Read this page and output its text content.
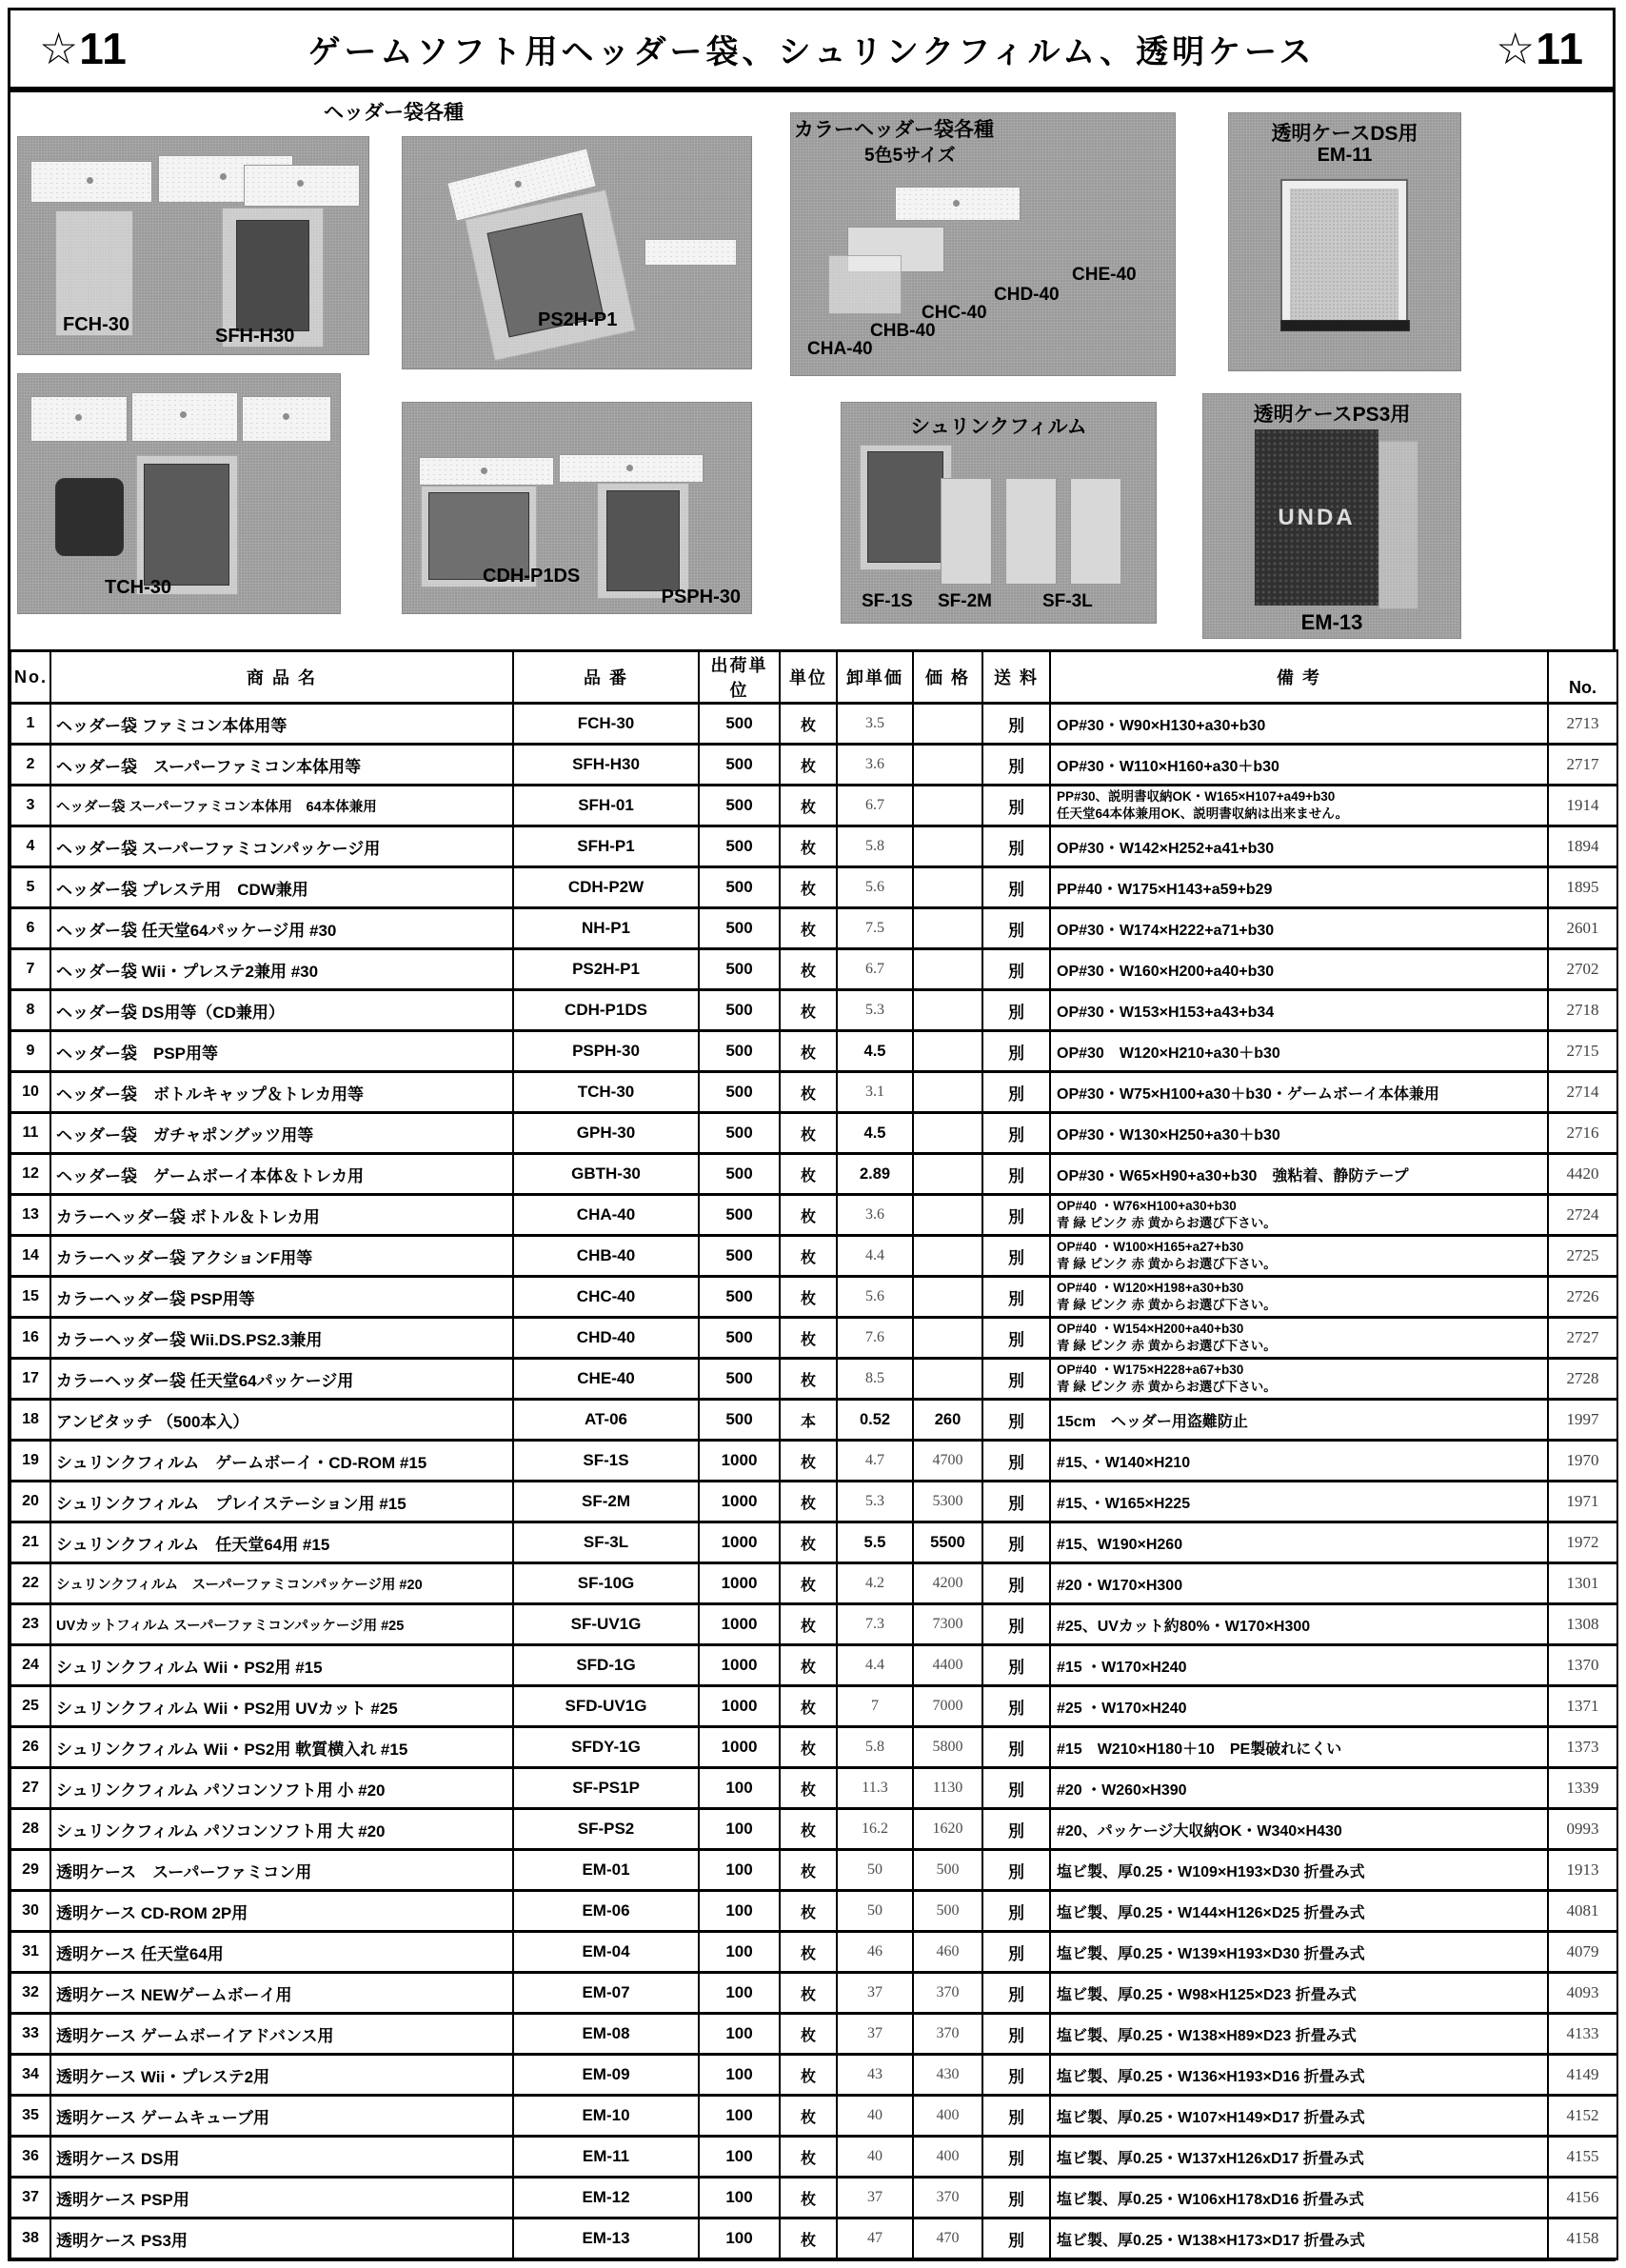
☆11	ゲームソフト用ヘッダー袋、シュリンクフィルム、透明ケース	☆11
ヘッダー袋各種
FCH-30
SFH-H30
PS2H-P1
TCH-30
CDH-P1DS
PSPH-30
カラーヘッダー袋各種
5色5サイズ
CHE-40
CHD-40
CHC-40
CHB-40
CHA-40
透明ケースDS用
EM-11
シュリンクフィルム
SF-1S SF-2M	SF-3L
透明ケースPS3用
UNDA
EM-13
No.	商 品 名	品 番	出荷単位	単位	卸単価	価 格	送 料	備 考	No.
1	ヘッダー袋 ファミコン本体用等	FCH-30	500	枚	3.5		別	OP#30・W90×H130+a30+b30	2713
2	ヘッダー袋　スーパーファミコン本体用等	SFH-H30	500	枚	3.6		別	OP#30・W110×H160+a30＋b30	2717
3	ヘッダー袋 スーパーファミコン本体用　64本体兼用	SFH-01	500	枚	6.7		別	PP#30、説明書収納OK・W165×H107+a49+b30
任天堂64本体兼用OK、説明書収納は出来ません。	1914
4	ヘッダー袋 スーパーファミコンパッケージ用	SFH-P1	500	枚	5.8		別	OP#30・W142×H252+a41+b30	1894
5	ヘッダー袋 プレステ用　CDW兼用	CDH-P2W	500	枚	5.6		別	PP#40・W175×H143+a59+b29	1895
6	ヘッダー袋 任天堂64パッケージ用 #30	NH-P1	500	枚	7.5		別	OP#30・W174×H222+a71+b30	2601
7	ヘッダー袋 Wii・プレステ2兼用 #30	PS2H-P1	500	枚	6.7		別	OP#30・W160×H200+a40+b30	2702
8	ヘッダー袋 DS用等（CD兼用）	CDH-P1DS	500	枚	5.3		別	OP#30・W153×H153+a43+b34	2718
9	ヘッダー袋　PSP用等	PSPH-30	500	枚	4.5		別	OP#30　W120×H210+a30＋b30	2715
10	ヘッダー袋　ボトルキャップ＆トレカ用等	TCH-30	500	枚	3.1		別	OP#30・W75×H100+a30＋b30・ゲームボーイ本体兼用	2714
11	ヘッダー袋　ガチャポングッツ用等	GPH-30	500	枚	4.5		別	OP#30・W130×H250+a30＋b30	2716
12	ヘッダー袋　ゲームボーイ本体＆トレカ用	GBTH-30	500	枚	2.89		別	OP#30・W65×H90+a30+b30　強粘着、静防テープ	4420
13	カラーヘッダー袋 ボトル＆トレカ用	CHA-40	500	枚	3.6		別	OP#40 ・W76×H100+a30+b30
青 緑 ピンク 赤 黄からお選び下さい。	2724
14	カラーヘッダー袋 アクションF用等	CHB-40	500	枚	4.4		別	OP#40 ・W100×H165+a27+b30
青 緑 ピンク 赤 黄からお選び下さい。	2725
15	カラーヘッダー袋 PSP用等	CHC-40	500	枚	5.6		別	OP#40 ・W120×H198+a30+b30
青 緑 ピンク 赤 黄からお選び下さい。	2726
16	カラーヘッダー袋 Wii.DS.PS2.3兼用	CHD-40	500	枚	7.6		別	OP#40 ・W154×H200+a40+b30
青 緑 ピンク 赤 黄からお選び下さい。	2727
17	カラーヘッダー袋 任天堂64パッケージ用	CHE-40	500	枚	8.5		別	OP#40 ・W175×H228+a67+b30
青 緑 ピンク 赤 黄からお選び下さい。	2728
18	アンビタッチ （500本入）	AT-06	500	本	0.52	260	別	15cm　ヘッダー用盗難防止	1997
19	シュリンクフィルム　ゲームボーイ・CD-ROM #15	SF-1S	1000	枚	4.7	4700	別	#15、・W140×H210	1970
20	シュリンクフィルム　プレイステーション用 #15	SF-2M	1000	枚	5.3	5300	別	#15、・W165×H225	1971
21	シュリンクフィルム　任天堂64用 #15	SF-3L	1000	枚	5.5	5500	別	#15、W190×H260	1972
22	シュリンクフィルム　スーパーファミコンパッケージ用 #20	SF-10G	1000	枚	4.2	4200	別	#20・W170×H300	1301
23	UVカットフィルム スーパーファミコンパッケージ用 #25	SF-UV1G	1000	枚	7.3	7300	別	#25、UVカット約80%・W170×H300	1308
24	シュリンクフィルム Wii・PS2用 #15	SFD-1G	1000	枚	4.4	4400	別	#15 ・W170×H240	1370
25	シュリンクフィルム Wii・PS2用 UVカット #25	SFD-UV1G	1000	枚	7	7000	別	#25 ・W170×H240	1371
26	シュリンクフィルム Wii・PS2用 軟質横入れ #15	SFDY-1G	1000	枚	5.8	5800	別	#15　W210×H180＋10　PE製破れにくい	1373
27	シュリンクフィルム パソコンソフト用 小 #20	SF-PS1P	100	枚	11.3	1130	別	#20 ・W260×H390	1339
28	シュリンクフィルム パソコンソフト用 大 #20	SF-PS2	100	枚	16.2	1620	別	#20、パッケージ大収納OK・W340×H430	0993
29	透明ケース　スーパーファミコン用	EM-01	100	枚	50	500	別	塩ビ製、厚0.25・W109×H193×D30 折畳み式	1913
30	透明ケース CD-ROM 2P用	EM-06	100	枚	50	500	別	塩ビ製、厚0.25・W144×H126×D25 折畳み式	4081
31	透明ケース 任天堂64用	EM-04	100	枚	46	460	別	塩ビ製、厚0.25・W139×H193×D30 折畳み式	4079
32	透明ケース NEWゲームボーイ用	EM-07	100	枚	37	370	別	塩ビ製、厚0.25・W98×H125×D23 折畳み式	4093
33	透明ケース ゲームボーイアドバンス用	EM-08	100	枚	37	370	別	塩ビ製、厚0.25・W138×H89×D23 折畳み式	4133
34	透明ケース Wii・プレステ2用	EM-09	100	枚	43	430	別	塩ビ製、厚0.25・W136×H193×D16 折畳み式	4149
35	透明ケース ゲームキューブ用	EM-10	100	枚	40	400	別	塩ビ製、厚0.25・W107×H149×D17 折畳み式	4152
36	透明ケース DS用	EM-11	100	枚	40	400	別	塩ビ製、厚0.25・W137xH126xD17 折畳み式	4155
37	透明ケース PSP用	EM-12	100	枚	37	370	別	塩ビ製、厚0.25・W106xH178xD16 折畳み式	4156
38	透明ケース PS3用	EM-13	100	枚	47	470	別	塩ビ製、厚0.25・W138×H173×D17 折畳み式	4158
